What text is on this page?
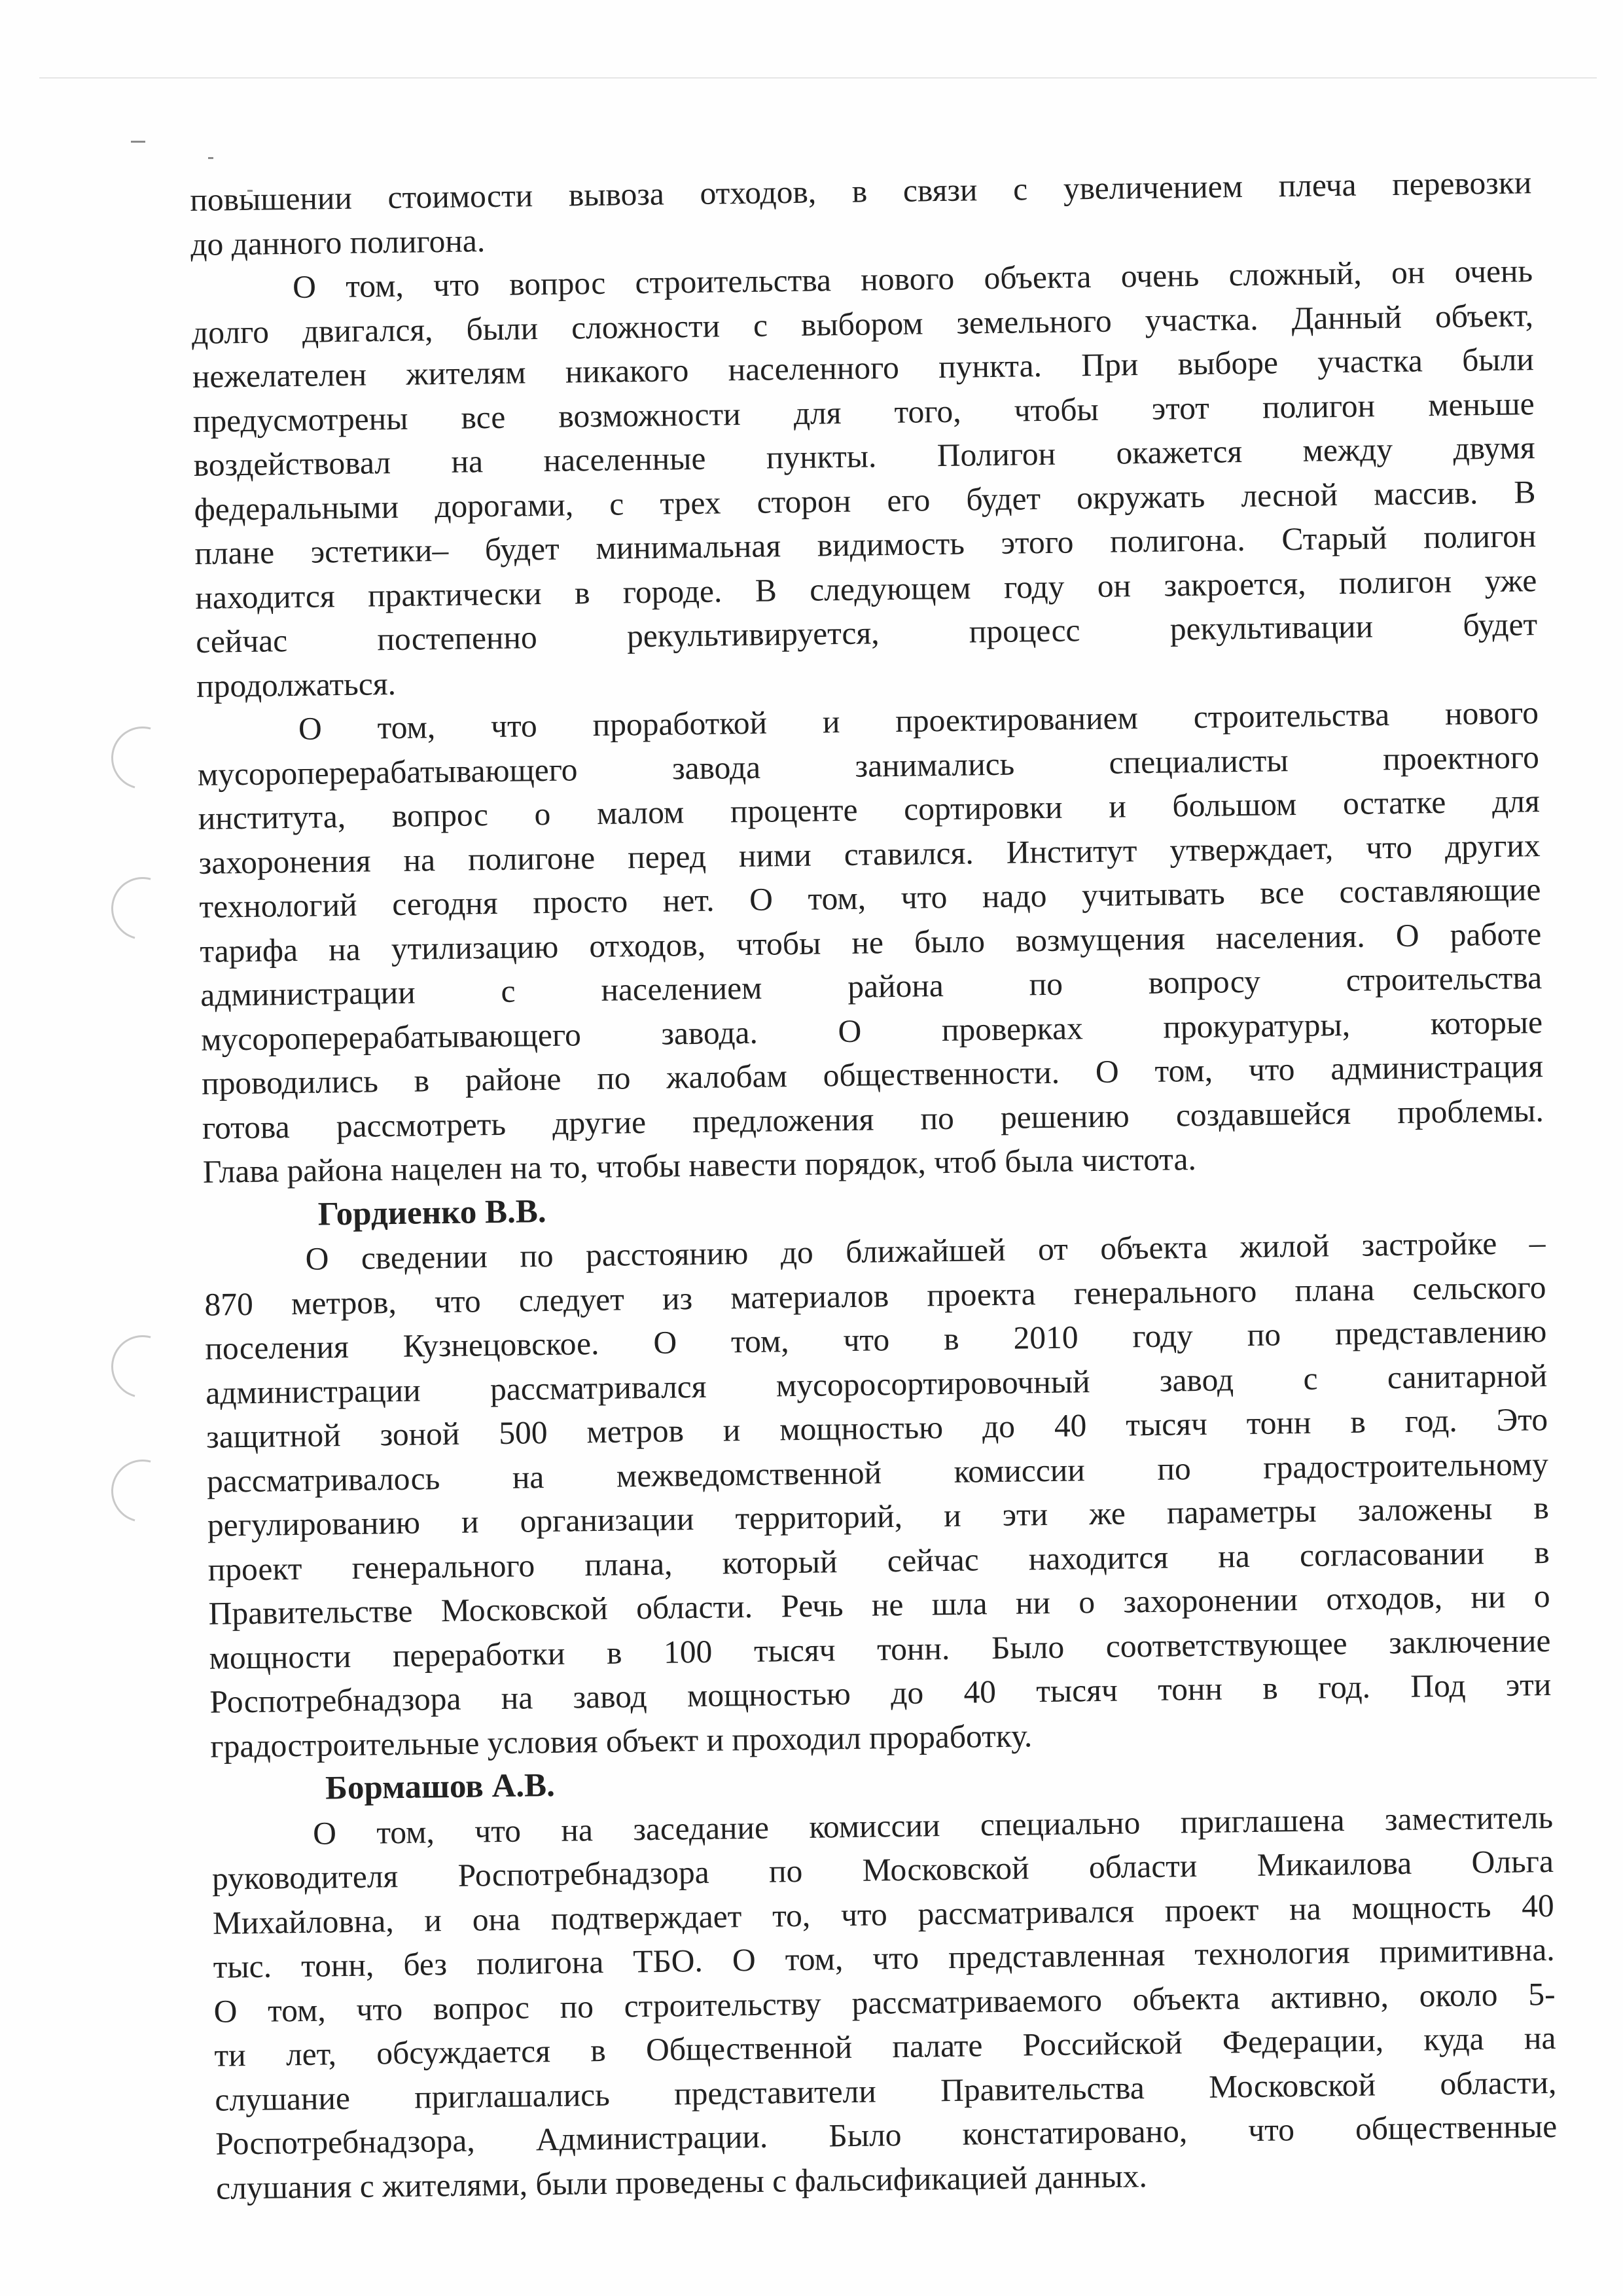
повышении стоимости вывоза отходов, в связи с увеличением плеча перевозки
до данного полигона.
О том, что вопрос строительства нового объекта очень сложный, он очень
долго двигался, были сложности с выбором земельного участка. Данный объект,
нежелателен жителям никакого населенного пункта. При выборе участка были
предусмотрены все возможности для того, чтобы этот полигон меньше
воздействовал на населенные пункты. Полигон окажется между двумя
федеральными дорогами, с трех сторон его будет окружать лесной массив. В
плане эстетики– будет минимальная видимость этого полигона. Старый полигон
находится практически в городе. В следующем году он закроется, полигон уже
сейчас постепенно рекультивируется, процесс рекультивации будет
продолжаться.
О том, что проработкой и проектированием строительства нового
мусороперерабатывающего завода занимались специалисты проектного
института, вопрос о малом проценте сортировки и большом остатке для
захоронения на полигоне перед ними ставился. Институт утверждает, что других
технологий сегодня просто нет. О том, что надо учитывать все составляющие
тарифа на утилизацию отходов, чтобы не было возмущения населения. О работе
администрации с населением района по вопросу строительства
мусороперерабатывающего завода. О проверках прокуратуры, которые
проводились в районе по жалобам общественности. О том, что администрация
готова рассмотреть другие предложения по решению создавшейся проблемы.
Глава района нацелен на то, чтобы навести порядок, чтоб была чистота.
Гордиенко В.В.
О сведении по расстоянию до ближайшей от объекта жилой застройке –
870 метров, что следует из материалов проекта генерального плана сельского
поселения Кузнецовское. О том, что в 2010 году по представлению
администрации рассматривался мусоросортировочный завод с санитарной
защитной зоной 500 метров и мощностью до 40 тысяч тонн в год. Это
рассматривалось на межведомственной комиссии по градостроительному
регулированию и организации территорий, и эти же параметры заложены в
проект генерального плана, который сейчас находится на согласовании в
Правительстве Московской области. Речь не шла ни о захоронении отходов, ни о
мощности переработки в 100 тысяч тонн. Было соответствующее заключение
Роспотребнадзора на завод мощностью до 40 тысяч тонн в год. Под эти
градостроительные условия объект и проходил проработку.
Бормашов А.В.
О том, что на заседание комиссии специально приглашена заместитель
руководителя Роспотребнадзора по Московской области Микаилова Ольга
Михайловна, и она подтверждает то, что рассматривался проект на мощность 40
тыс. тонн, без полигона ТБО. О том, что представленная технология примитивна.
О том, что вопрос по строительству рассматриваемого объекта активно, около 5-
ти лет, обсуждается в Общественной палате Российской Федерации, куда на
слушание приглашались представители Правительства Московской области,
Роспотребнадзора, Администрации. Было констатировано, что общественные
слушания с жителями, были проведены с фальсификацией данных.
